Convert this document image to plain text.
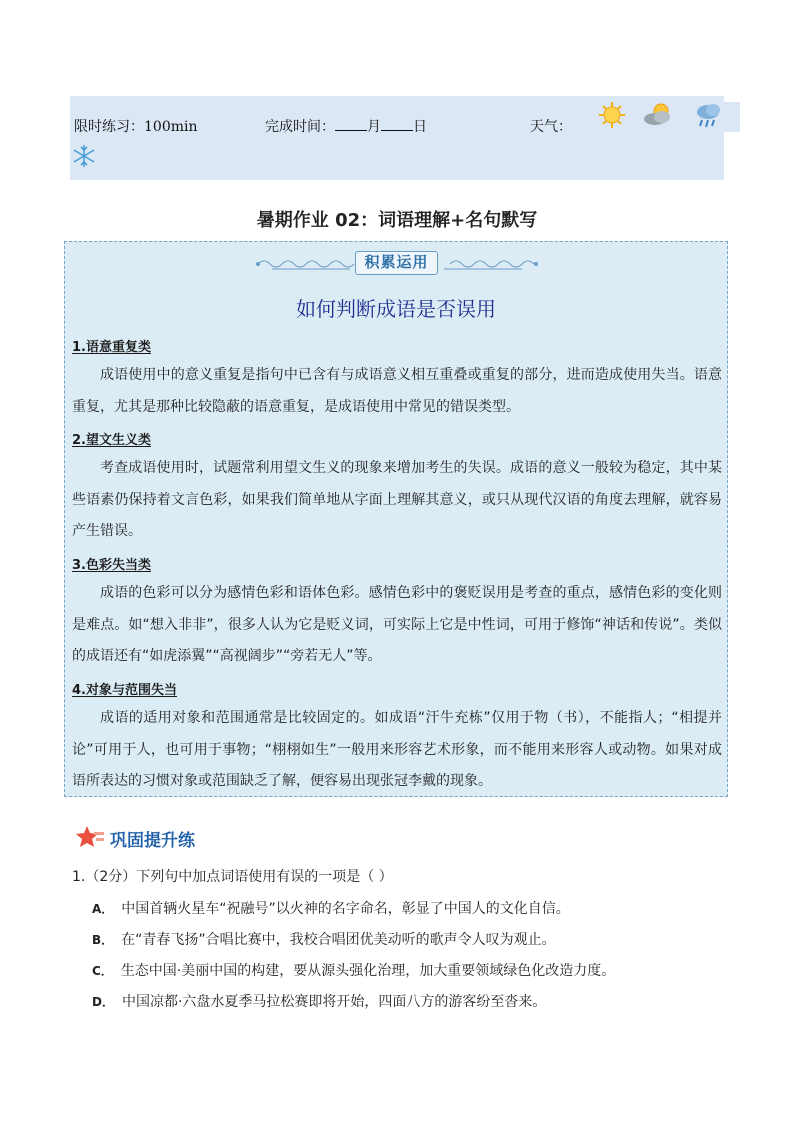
限时练习：100min	完成时间： 月 日	天气：
暑期作业 02：词语理解+名句默写
积累运用
如何判断成语是否误用
1.语意重复类
成语使用中的意义重复是指句中已含有与成语意义相互重叠或重复的部分，进而造成使用失当。语意重复，尤其是那种比较隐蔽的语意重复，是成语使用中常见的错误类型。
2.望文生义类
考查成语使用时，试题常利用望文生义的现象来增加考生的失误。成语的意义一般较为稳定，其中某些语素仍保持着文言色彩，如果我们简单地从字面上理解其意义，或只从现代汉语的角度去理解，就容易产生错误。
3.色彩失当类
成语的色彩可以分为感情色彩和语体色彩。感情色彩中的褒贬误用是考查的重点，感情色彩的变化则是难点。如“想入非非”，很多人认为它是贬义词，可实际上它是中性词，可用于修饰“神话和传说”。类似的成语还有“如虎添翼”“高视阔步”“旁若无人”等。
4.对象与范围失当
成语的适用对象和范围通常是比较固定的。如成语“汗牛充栋”仅用于物（书），不能指人；“相提并论”可用于人，也可用于事物；“栩栩如生”一般用来形容艺术形象，而不能用来形容人或动物。如果对成语所表达的习惯对象或范围缺乏了解，便容易出现张冠李戴的现象。
巩固提升练
1.（2分）下列句中加点词语使用有误的一项是（ ）
A． 中国首辆火星车“祝融号”以火神的名字命名，彰显了中国人的文化自信。
B． 在“青春飞扬”合唱比赛中，我校合唱团优美动听的歌声令人叹为观止。
C． 生态中国·美丽中国的构建，要从源头强化治理，加大重要领域绿色化改造力度。
D． 中国凉都·六盘水夏季马拉松赛即将开始，四面八方的游客纷至沓来。
